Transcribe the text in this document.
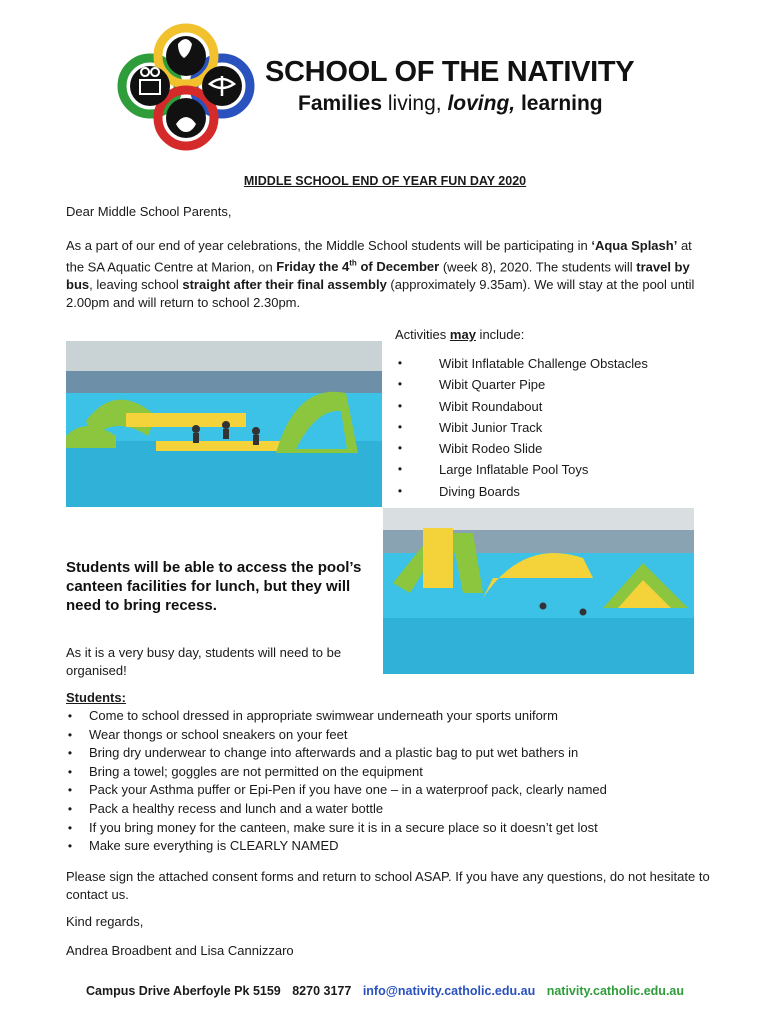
SCHOOL OF THE NATIVITY
Families living, loving, learning
MIDDLE SCHOOL END OF YEAR FUN DAY 2020
Dear Middle School Parents,
As a part of our end of year celebrations, the Middle School students will be participating in ‘Aqua Splash’ at the SA Aquatic Centre at Marion, on Friday the 4th of December (week 8), 2020. The students will travel by bus, leaving school straight after their final assembly (approximately 9.35am). We will stay at the pool until 2.00pm and will return to school 2.30pm.
Activities may include:
•	Wibit Inflatable Challenge Obstacles
•	Wibit Quarter Pipe
•	Wibit Roundabout
•	Wibit Junior Track
•	Wibit Rodeo Slide
•	Large Inflatable Pool Toys
•	Diving Boards
Students will be able to access the pool’s canteen facilities for lunch, but they will need to bring recess.
As it is a very busy day, students will need to be organised!
Students:
• Come to school dressed in appropriate swimwear underneath your sports uniform
• Wear thongs or school sneakers on your feet
• Bring dry underwear to change into afterwards and a plastic bag to put wet bathers in
• Bring a towel; goggles are not permitted on the equipment
• Pack your Asthma puffer or Epi-Pen if you have one – in a waterproof pack, clearly named
• Pack a healthy recess and lunch and a water bottle
• If you bring money for the canteen, make sure it is in a secure place so it doesn’t get lost
• Make sure everything is CLEARLY NAMED
Please sign the attached consent forms and return to school ASAP. If you have any questions, do not hesitate to contact us.
Kind regards,
Andrea Broadbent and Lisa Cannizzaro
Campus Drive Aberfoyle Pk 5159 8270 3177 info@nativity.catholic.edu.au nativity.catholic.edu.au
